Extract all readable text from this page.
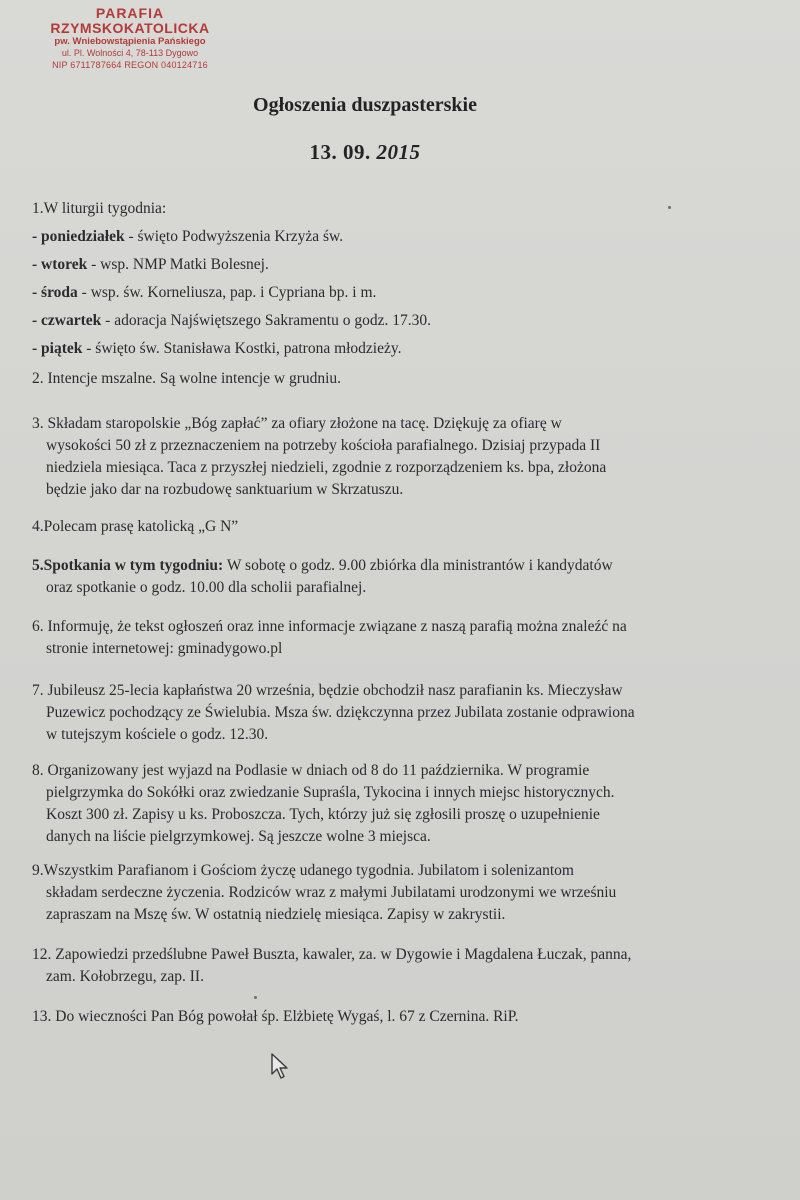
PARAFIA
RZYMSKOKATOLICKA
pw. Wniebowstąpienia Pańskiego
ul. Pl. Wolności 4, 78-113 Dygowo
NIP 6711787664 REGON 040124716
Ogłoszenia duszpasterskie
13. 09. 2015
1.W liturgii tygodnia:
- poniedziałek - święto Podwyższenia Krzyża św.
- wtorek - wsp. NMP Matki Bolesnej.
- środa - wsp. św. Korneliusza, pap. i Cypriana bp. i m.
- czwartek - adoracja Najświętszego Sakramentu o godz. 17.30.
- piątek - święto św. Stanisława Kostki, patrona młodzieży.
2. Intencje mszalne. Są wolne intencje w grudniu.
3. Składam staropolskie „Bóg zapłać” za ofiary złożone na tacę. Dziękuję za ofiarę w
wysokości 50 zł z przeznaczeniem na potrzeby kościoła parafialnego. Dzisiaj przypada II
niedziela miesiąca. Taca z przyszłej niedzieli, zgodnie z rozporządzeniem ks. bpa, złożona
będzie jako dar na rozbudowę sanktuarium w Skrzatuszu.
4.Polecam prasę katolicką „G N”
5.Spotkania w tym tygodniu: W sobotę o godz. 9.00 zbiórka dla ministrantów i kandydatów
oraz spotkanie o godz. 10.00 dla scholii parafialnej.
6. Informuję, że tekst ogłoszeń oraz inne informacje związane z naszą parafią można znaleźć na
stronie internetowej: gminadygowo.pl
7. Jubileusz 25-lecia kapłaństwa 20 września, będzie obchodził nasz parafianin ks. Mieczysław
Puzewicz pochodzący ze Świelubia. Msza św. dziękczynna przez Jubilata zostanie odprawiona
w tutejszym kościele o godz. 12.30.
8. Organizowany jest wyjazd na Podlasie w dniach od 8 do 11 października. W programie
pielgrzymka do Sokółki oraz zwiedzanie Supraśla, Tykocina i innych miejsc historycznych.
Koszt 300 zł. Zapisy u ks. Proboszcza. Tych, którzy już się zgłosili proszę o uzupełnienie
danych na liście pielgrzymkowej. Są jeszcze wolne 3 miejsca.
9.Wszystkim Parafianom i Gościom życzę udanego tygodnia. Jubilatom i solenizantom
składam serdeczne życzenia. Rodziców wraz z małymi Jubilatami urodzonymi we wrześniu
zapraszam na Mszę św. W ostatnią niedzielę miesiąca. Zapisy w zakrystii.
12. Zapowiedzi przedślubne Paweł Buszta, kawaler, za. w Dygowie i Magdalena Łuczak, panna,
zam. Kołobrzegu, zap. II.
13. Do wieczności Pan Bóg powołał śp. Elżbietę Wygaś, l. 67 z Czernina. RiP.
